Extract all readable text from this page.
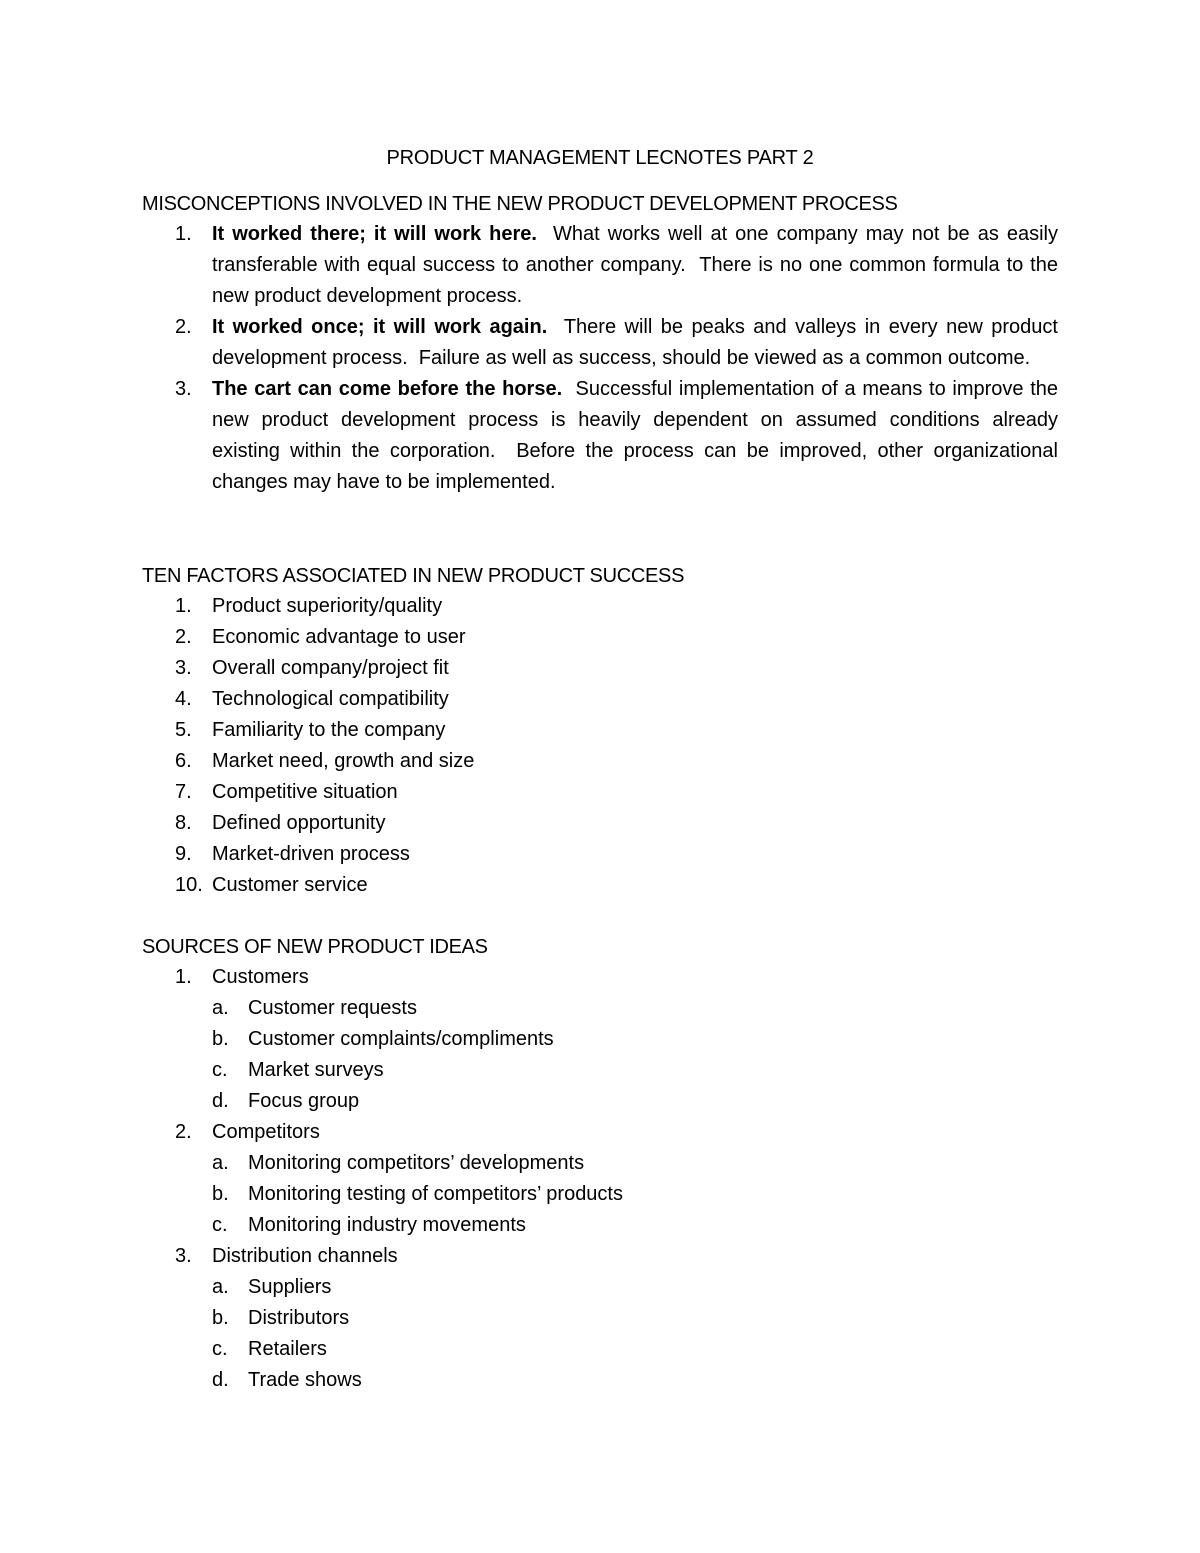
PRODUCT MANAGEMENT LECNOTES PART 2
MISCONCEPTIONS INVOLVED IN THE NEW PRODUCT DEVELOPMENT PROCESS
1. It worked there; it will work here.  What works well at one company may not be as easily transferable with equal success to another company.  There is no one common formula to the new product development process.
2. It worked once; it will work again.  There will be peaks and valleys in every new product development process.  Failure as well as success, should be viewed as a common outcome.
3. The cart can come before the horse.  Successful implementation of a means to improve the new product development process is heavily dependent on assumed conditions already existing within the corporation.  Before the process can be improved, other organizational changes may have to be implemented.
TEN FACTORS ASSOCIATED IN NEW PRODUCT SUCCESS
1. Product superiority/quality
2. Economic advantage to user
3. Overall company/project fit
4. Technological compatibility
5. Familiarity to the company
6. Market need, growth and size
7. Competitive situation
8. Defined opportunity
9. Market-driven process
10. Customer service
SOURCES OF NEW PRODUCT IDEAS
1. Customers
a. Customer requests
b. Customer complaints/compliments
c. Market surveys
d. Focus group
2. Competitors
a. Monitoring competitors’ developments
b. Monitoring testing of competitors’ products
c. Monitoring industry movements
3. Distribution channels
a. Suppliers
b. Distributors
c. Retailers
d. Trade shows
